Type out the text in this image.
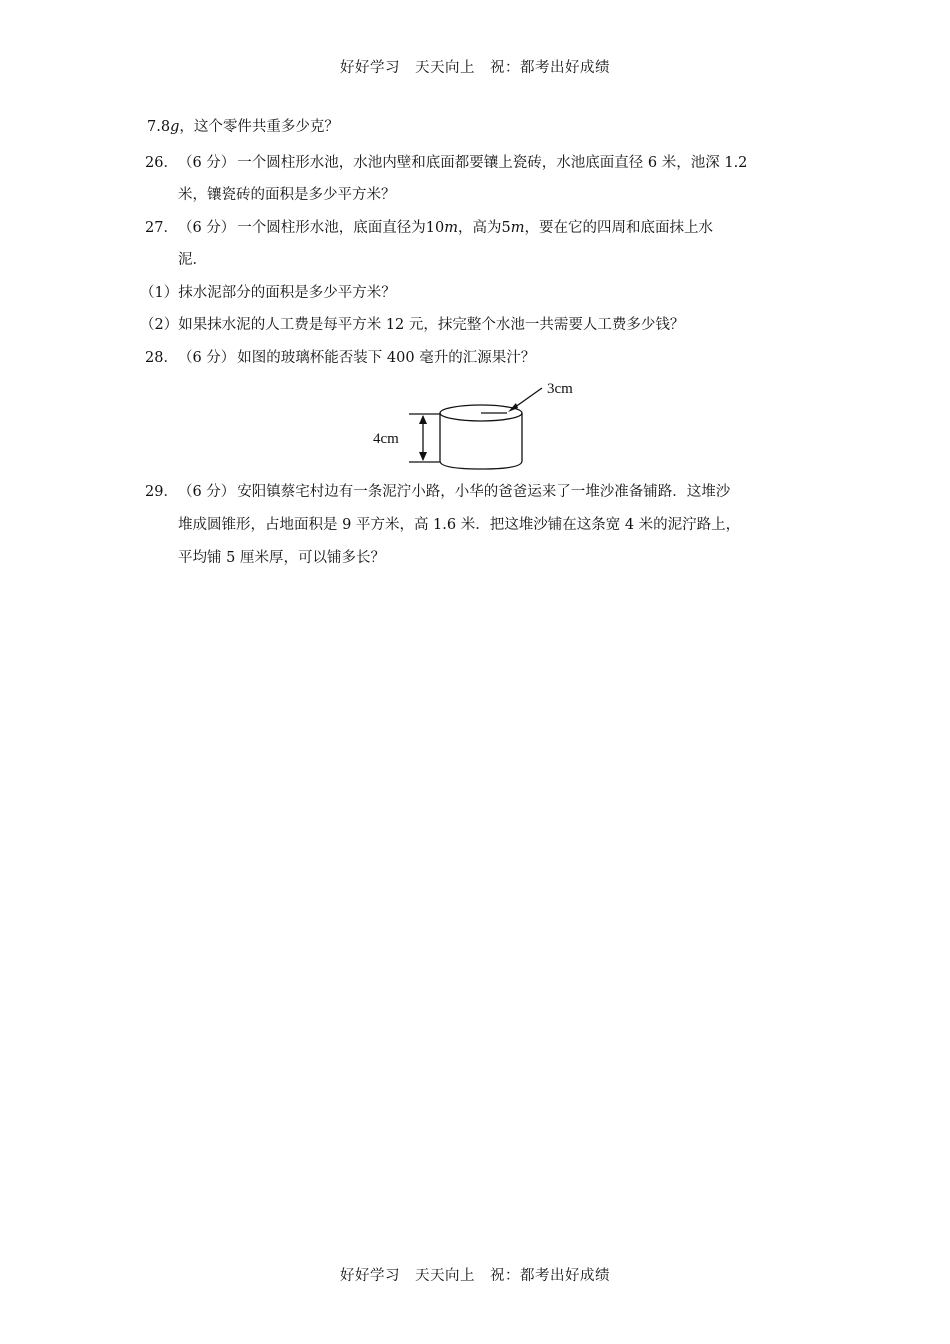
好好学习　天天向上　祝：都考出好成绩
7.8g，这个零件共重多少克？
26．（6 分） 一个圆柱形水池，水池内壁和底面都要镶上瓷砖，水池底面直径 6 米，池深 1.2
米，镶瓷砖的面积是多少平方米？
27．（6 分） 一个圆柱形水池，底面直径为10m，高为5m，要在它的四周和底面抹上水
泥．
（1）抹水泥部分的面积是多少平方米？
（2）如果抹水泥的人工费是每平方米 12 元，抹完整个水池一共需要人工费多少钱？
28．（6 分） 如图的玻璃杯能否装下 400 毫升的汇源果汁？
3cm
4cm
29．（6 分） 安阳镇蔡宅村边有一条泥泞小路，小华的爸爸运来了一堆沙准备铺路．这堆沙
堆成圆锥形，占地面积是 9 平方米，高 1.6 米．把这堆沙铺在这条宽 4 米的泥泞路上，
平均铺 5 厘米厚，可以铺多长？
好好学习　天天向上　祝：都考出好成绩
